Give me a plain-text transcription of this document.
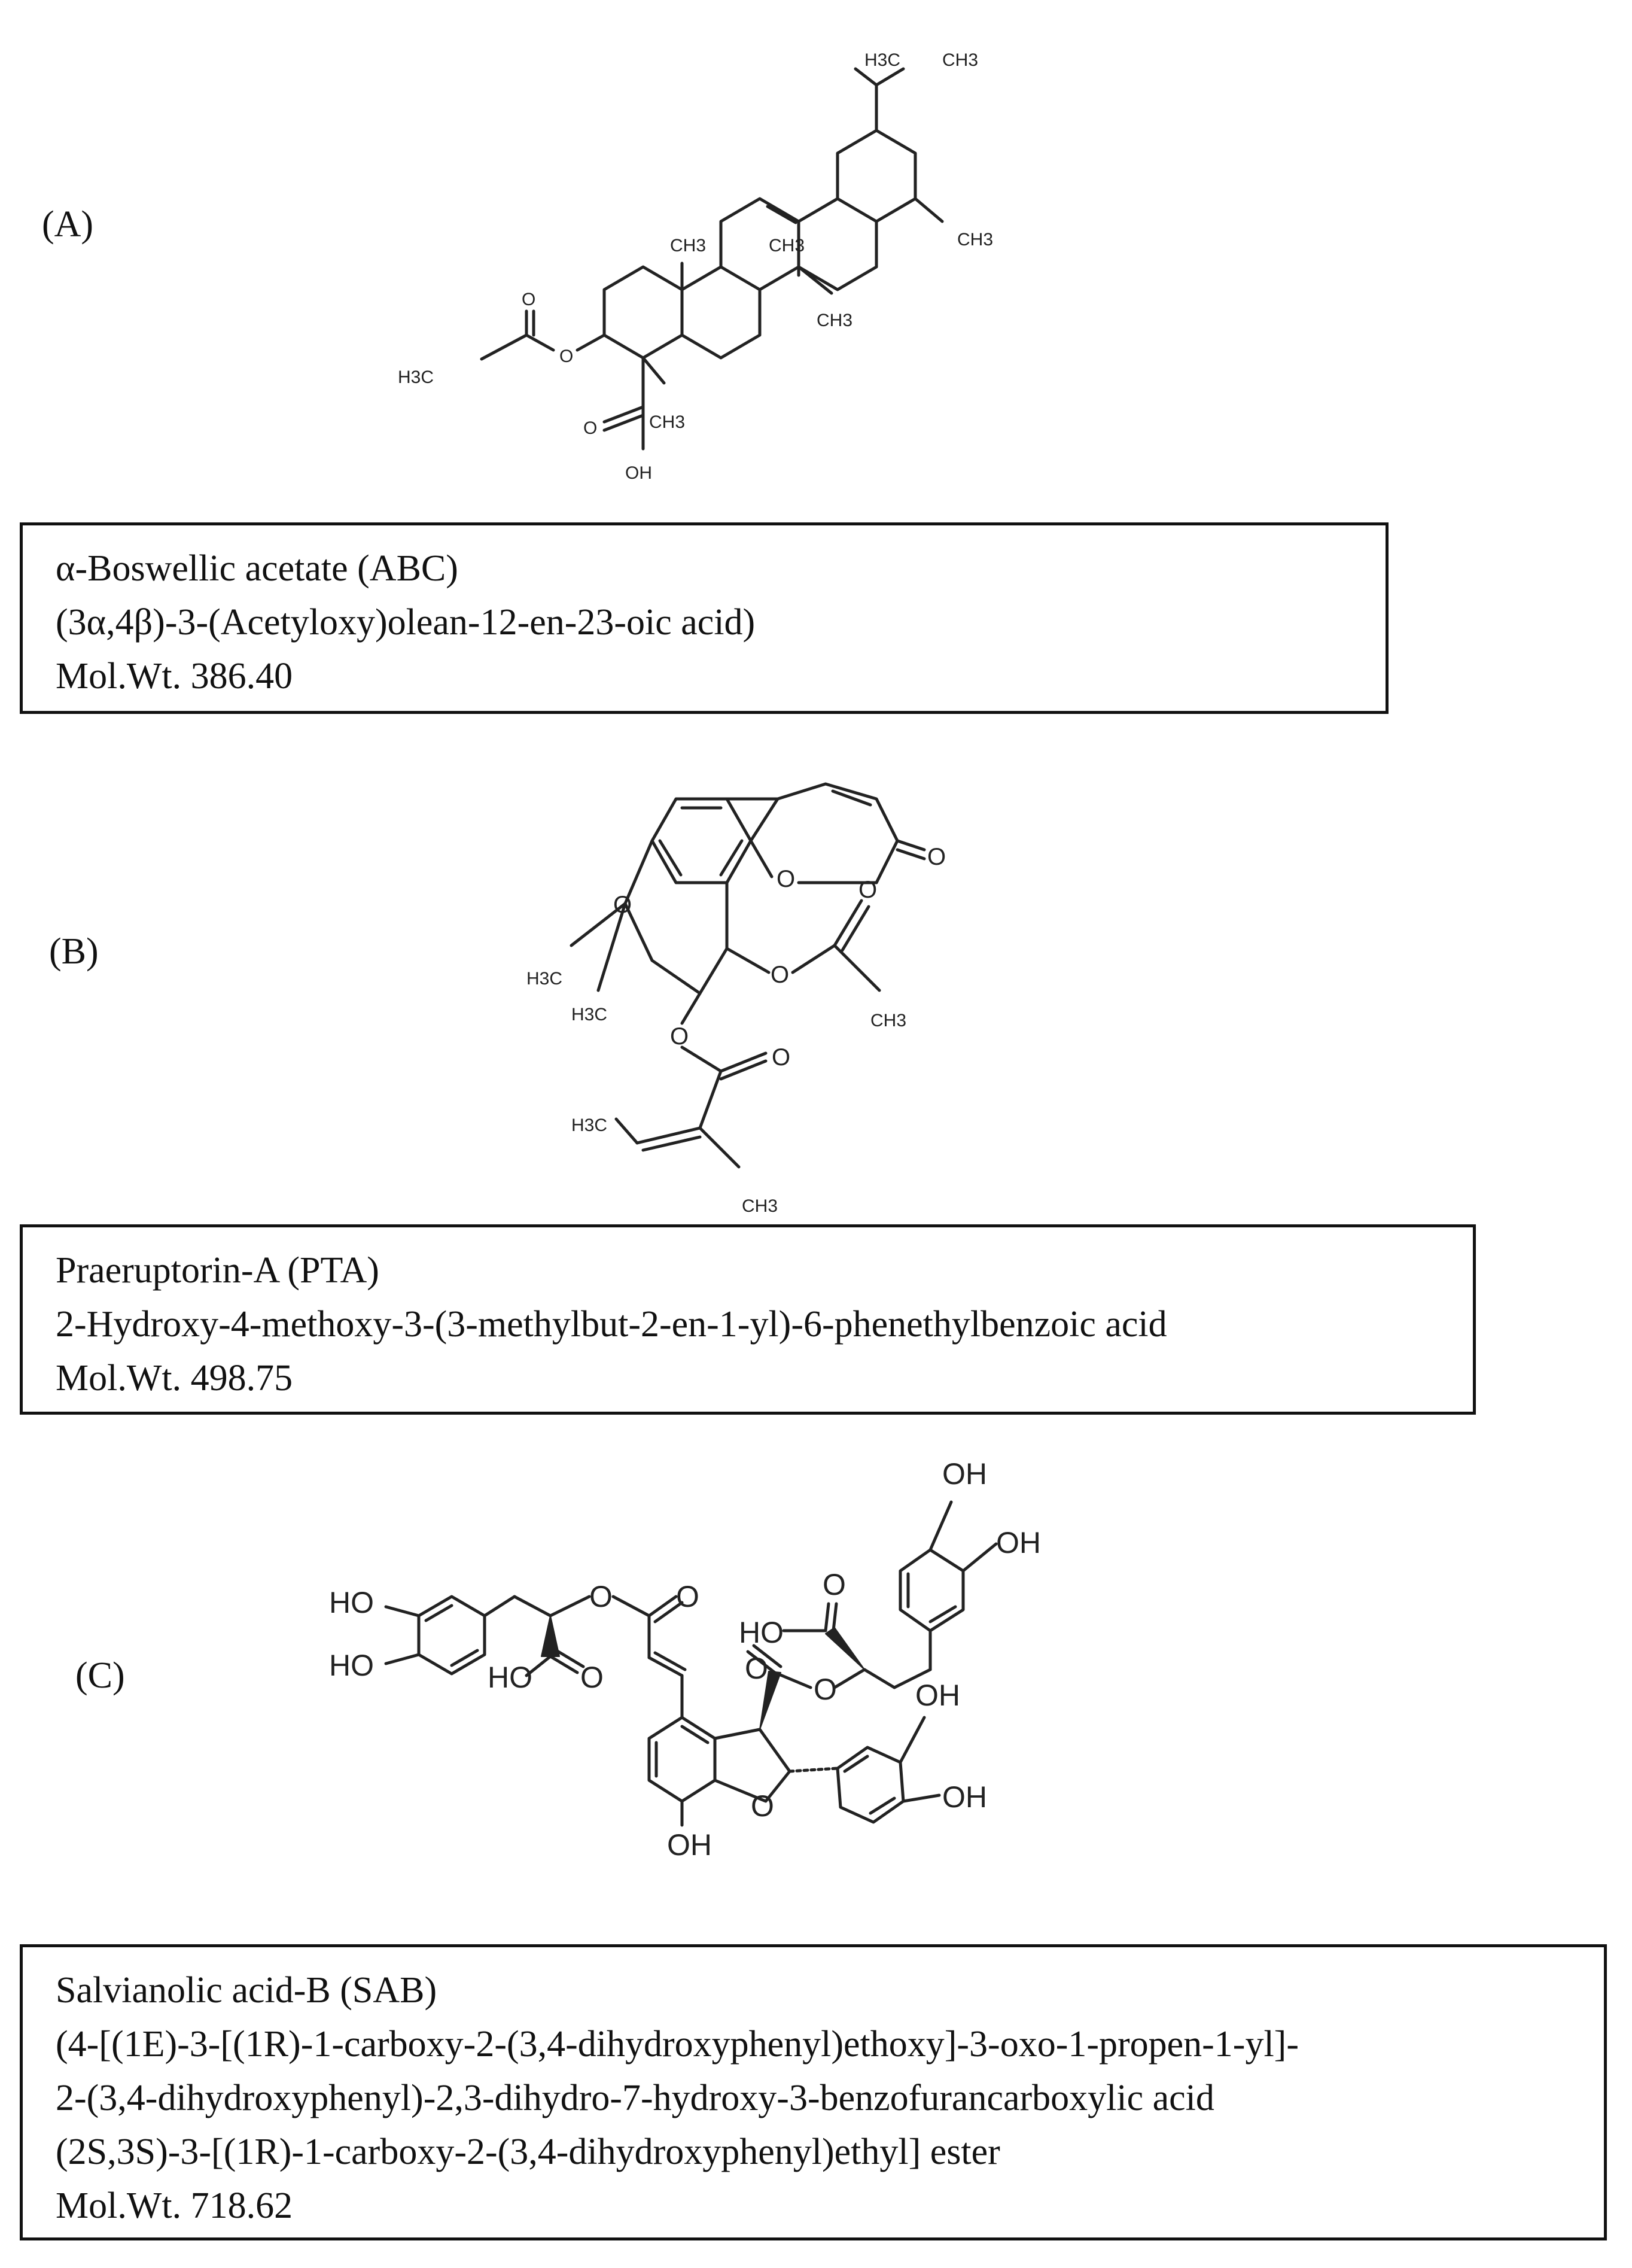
(A)
H3C CH3
CH3
CH3	CH3
CH3
CH3
H3C
O
O
O
OH
α-Boswellic acetate (ABC)
(3α,4β)-3-(Acetyloxy)olean-12-en-23-oic acid)
Mol.Wt. 386.40
(B)
O
O
O
H3C
H3C
O
O
CH3
O
O
H3C
CH3
Praeruptorin-A (PTA)
2-Hydroxy-4-methoxy-3-(3-methylbut-2-en-1-yl)-6-phenethylbenzoic acid
Mol.Wt. 498.75
(C)
HO
HO
O O
HO O
OH
OH
HO
O
O
O
OH
OH
O
OH
Salvianolic acid-B (SAB)
(4-[(1E)-3-[(1R)-1-carboxy-2-(3,4-dihydroxyphenyl)ethoxy]-3-oxo-1-propen-1-yl]-
2-(3,4-dihydroxyphenyl)-2,3-dihydro-7-hydroxy-3-benzofurancarboxylic acid
(2S,3S)-3-[(1R)-1-carboxy-2-(3,4-dihydroxyphenyl)ethyl] ester
Mol.Wt. 718.62
